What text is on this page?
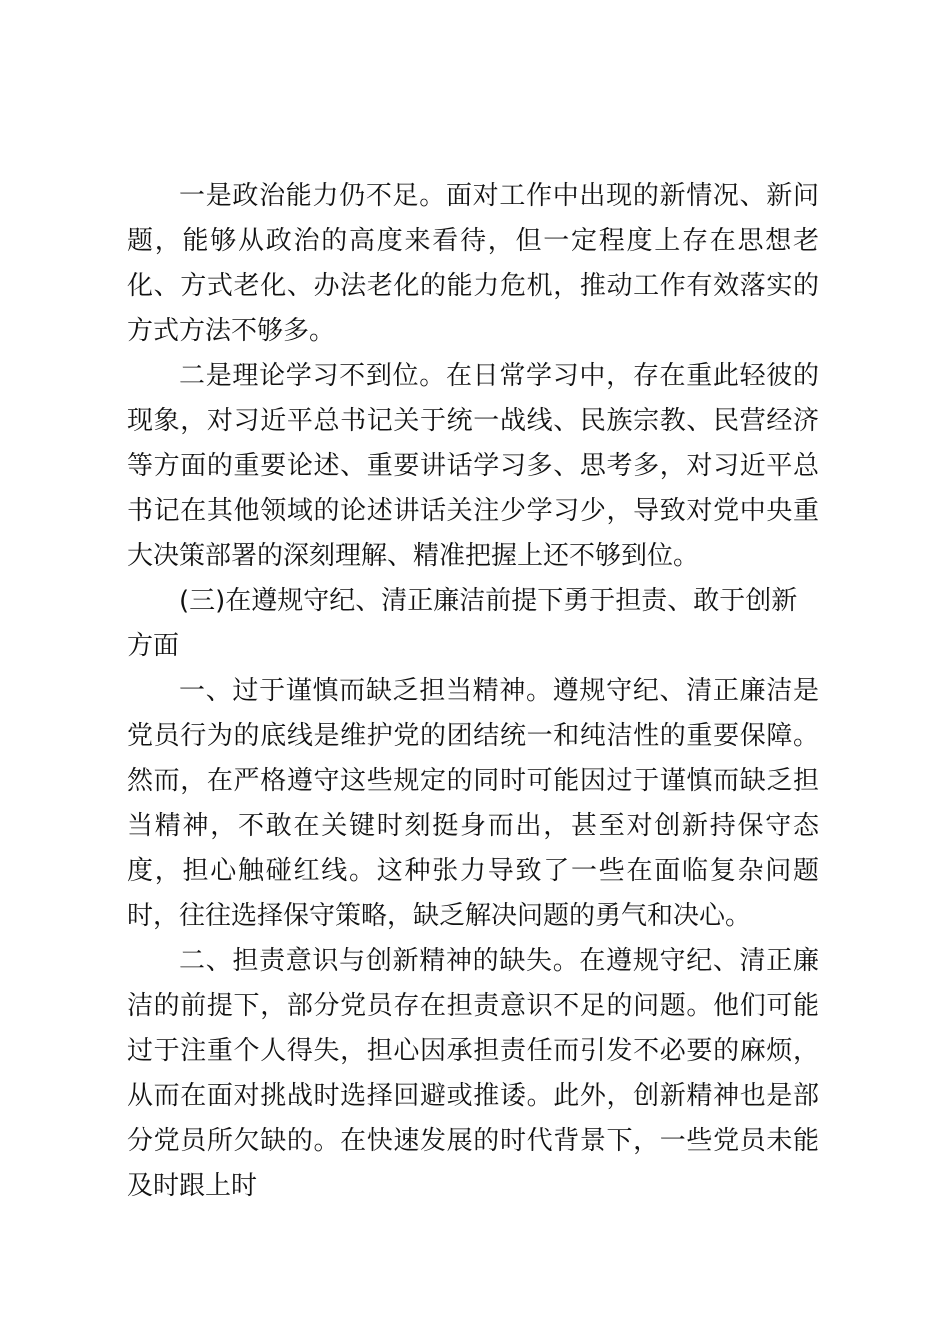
一是政治能力仍不足。面对工作中出现的新情况、新问题，能够从政治的高度来看待，但一定程度上存在思想老化、方式老化、办法老化的能力危机，推动工作有效落实的方式方法不够多。

二是理论学习不到位。在日常学习中，存在重此轻彼的现象，对习近平总书记关于统一战线、民族宗教、民营经济等方面的重要论述、重要讲话学习多、思考多，对习近平总书记在其他领域的论述讲话关注少学习少，导致对党中央重大决策部署的深刻理解、精准把握上还不够到位。

(三)在遵规守纪、清正廉洁前提下勇于担责、敢于创新方面

一、过于谨慎而缺乏担当精神。遵规守纪、清正廉洁是党员行为的底线是维护党的团结统一和纯洁性的重要保障。然而，在严格遵守这些规定的同时可能因过于谨慎而缺乏担当精神，不敢在关键时刻挺身而出，甚至对创新持保守态度，担心触碰红线。这种张力导致了一些在面临复杂问题时，往往选择保守策略，缺乏解决问题的勇气和决心。

二、担责意识与创新精神的缺失。在遵规守纪、清正廉洁的前提下，部分党员存在担责意识不足的问题。他们可能过于注重个人得失，担心因承担责任而引发不必要的麻烦，从而在面对挑战时选择回避或推诿。此外，创新精神也是部分党员所欠缺的。在快速发展的时代背景下，一些党员未能及时跟上时
